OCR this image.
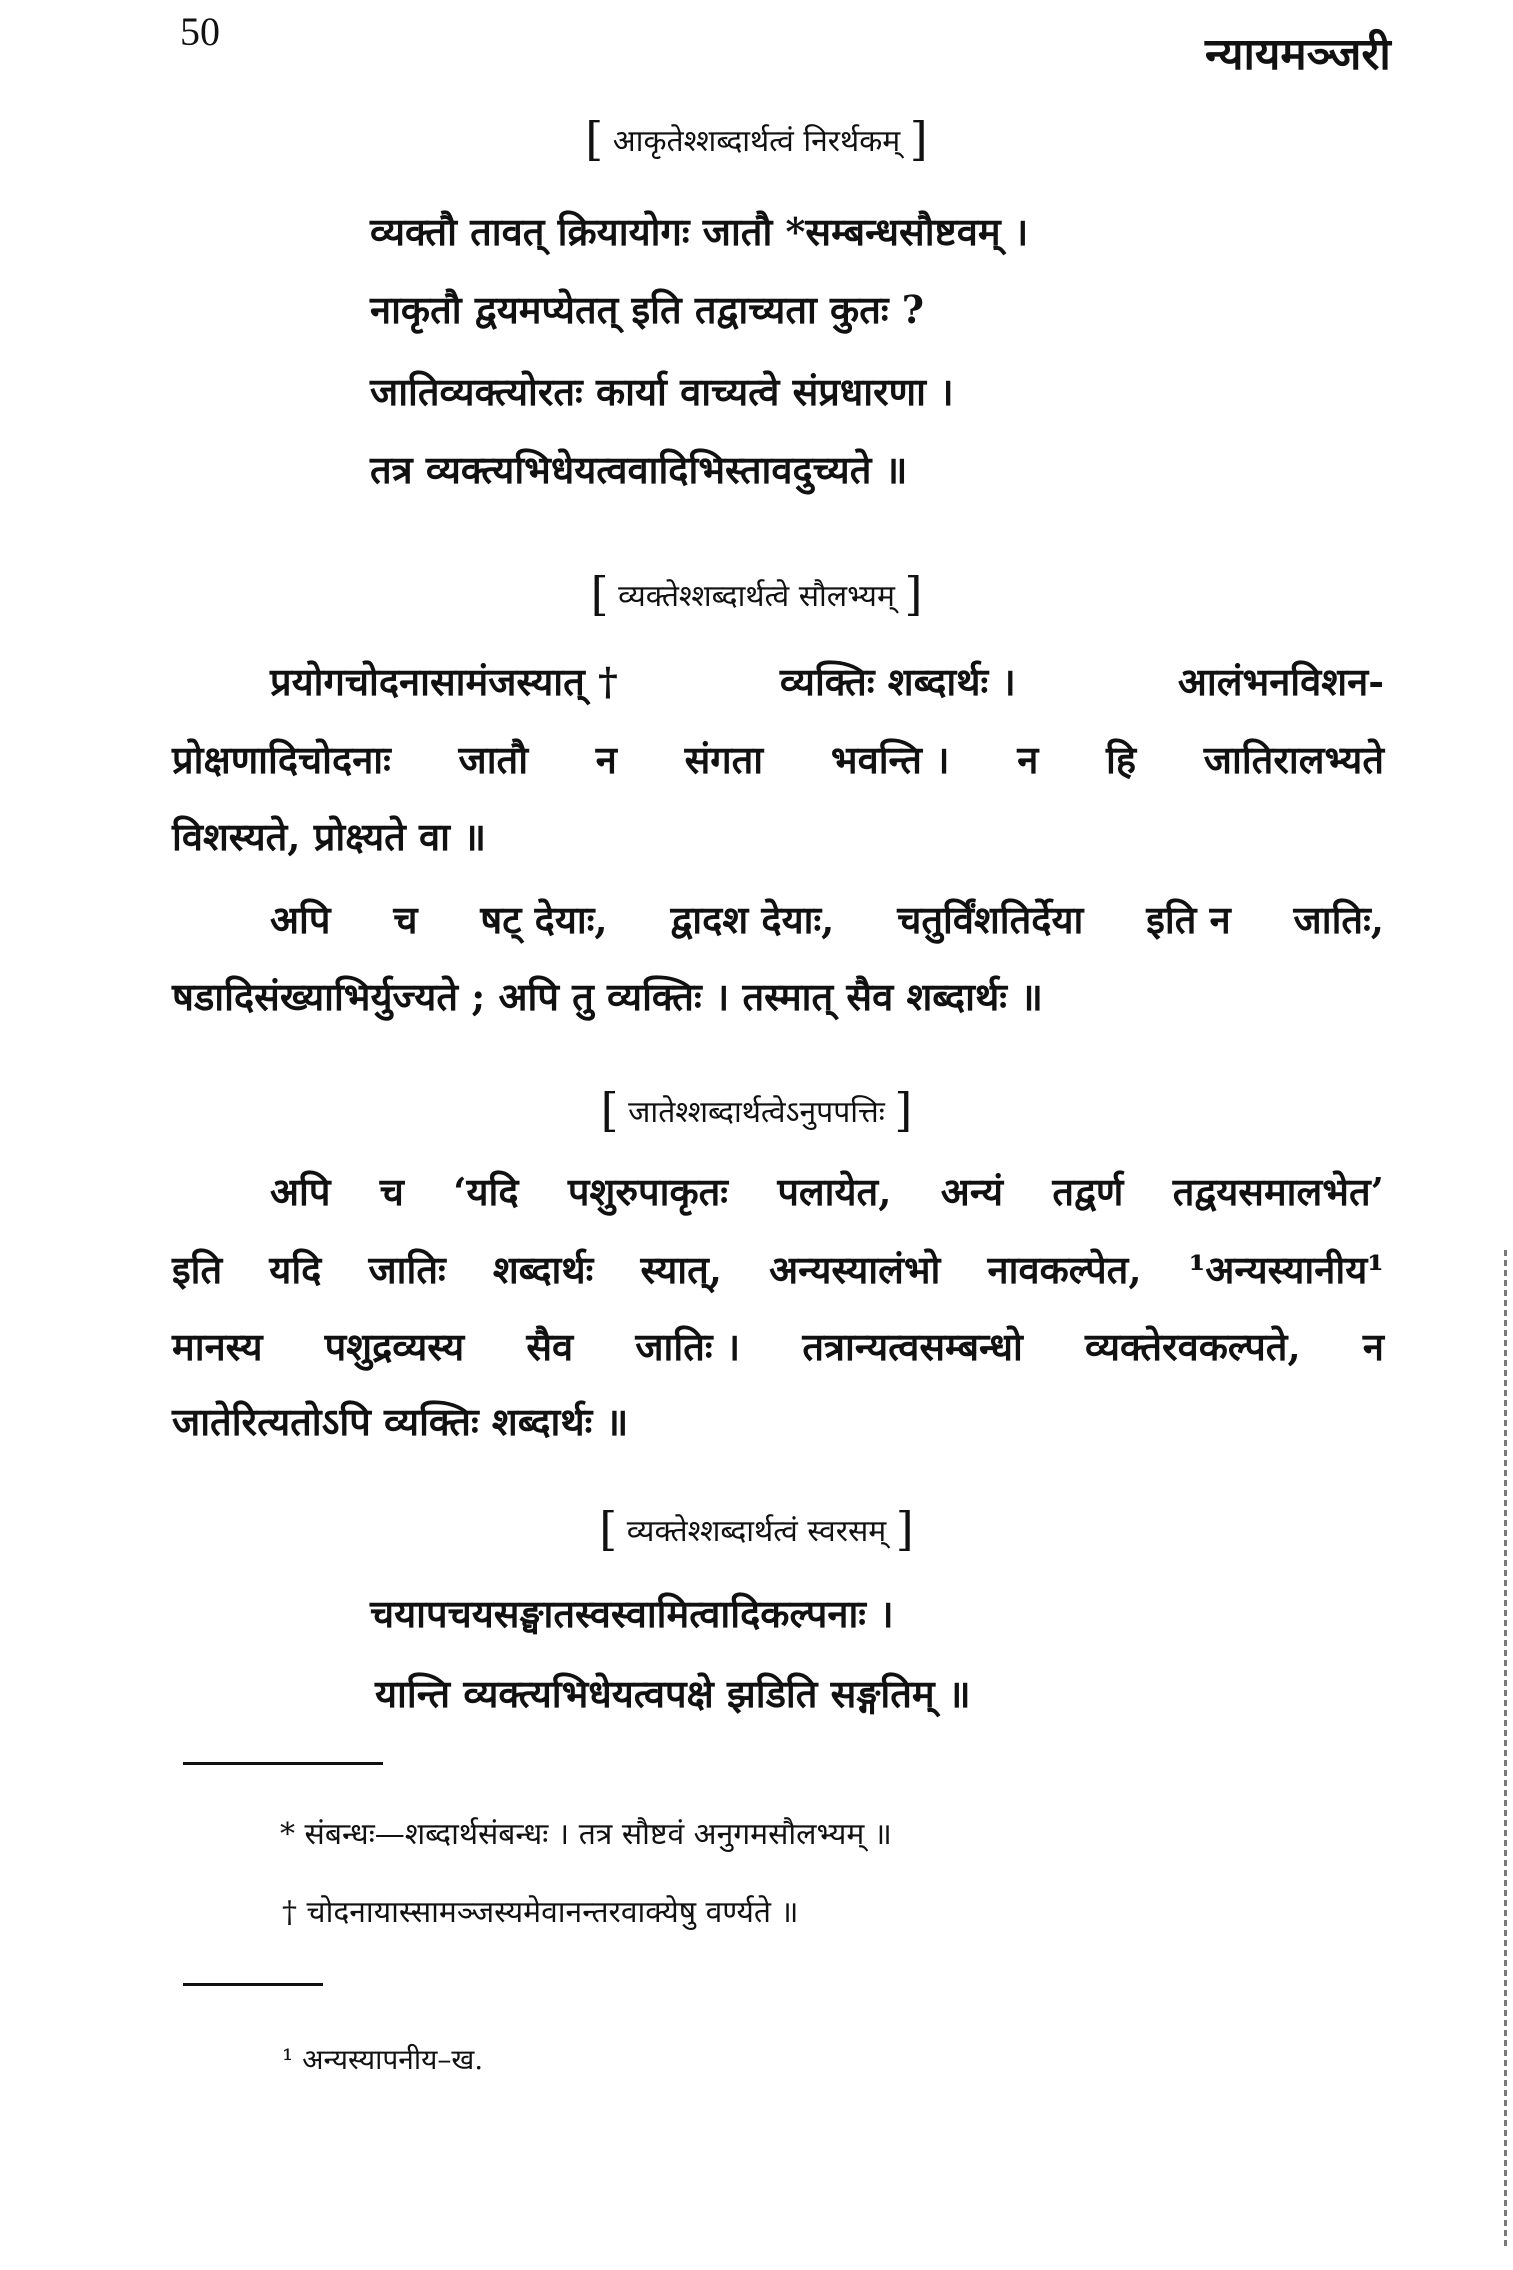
50	न्यायमञ्जरी
[ आकृतेश्शब्दार्थत्वं निरर्थकम् ]
व्यक्तौ तावत् क्रियायोगः जातौ *सम्बन्धसौष्टवम् ।
नाकृतौ द्वयमप्येतत् इति तद्वाच्यता कुतः ?
जातिव्यक्त्योरतः कार्या वाच्यत्वे संप्रधारणा ।
तत्र व्यक्त्यभिधेयत्ववादिभिस्तावदुच्यते ॥
[ व्यक्तेश्शब्दार्थत्वे सौलभ्यम् ]
प्रयोगचोदनासामंजस्यात् †	व्यक्तिः शब्दार्थः ।	आलंभनविशन-
प्रोक्षणादिचोदनाः जातौ न संगता भवन्ति । न हि जातिरालभ्यते
विशस्यते, प्रोक्ष्यते वा ॥
अपि च षट् देयाः, द्वादश देयाः, चतुर्विंशतिर्देया इति न जातिः,
षडादिसंख्याभिर्युज्यते ; अपि तु व्यक्तिः । तस्मात् सैव शब्दार्थः ॥
[ जातेश्शब्दार्थत्वेऽनुपपत्तिः ]
अपि च ‘यदि पशुरुपाकृतः पलायेत, अन्यं तद्वर्ण तद्वयसमालभेत’
इति यदि जातिः शब्दार्थः स्यात्, अन्यस्यालंभो नावकल्पेत, ¹अन्यस्यानीय¹
मानस्य पशुद्रव्यस्य सैव जातिः । तत्रान्यत्वसम्बन्धो व्यक्तेरवकल्पते, न
जातेरित्यतोऽपि व्यक्तिः शब्दार्थः ॥
[ व्यक्तेश्शब्दार्थत्वं स्वरसम् ]
चयापचयसङ्घातस्वस्वामित्वादिकल्पनाः ।
यान्ति व्यक्त्यभिधेयत्वपक्षे झडिति सङ्गतिम् ॥
* संबन्धः—शब्दार्थसंबन्धः । तत्र सौष्टवं अनुगमसौलभ्यम् ॥
† चोदनायास्सामञ्जस्यमेवानन्तरवाक्येषु वर्ण्यते ॥
¹ अन्यस्यापनीय–ख.
